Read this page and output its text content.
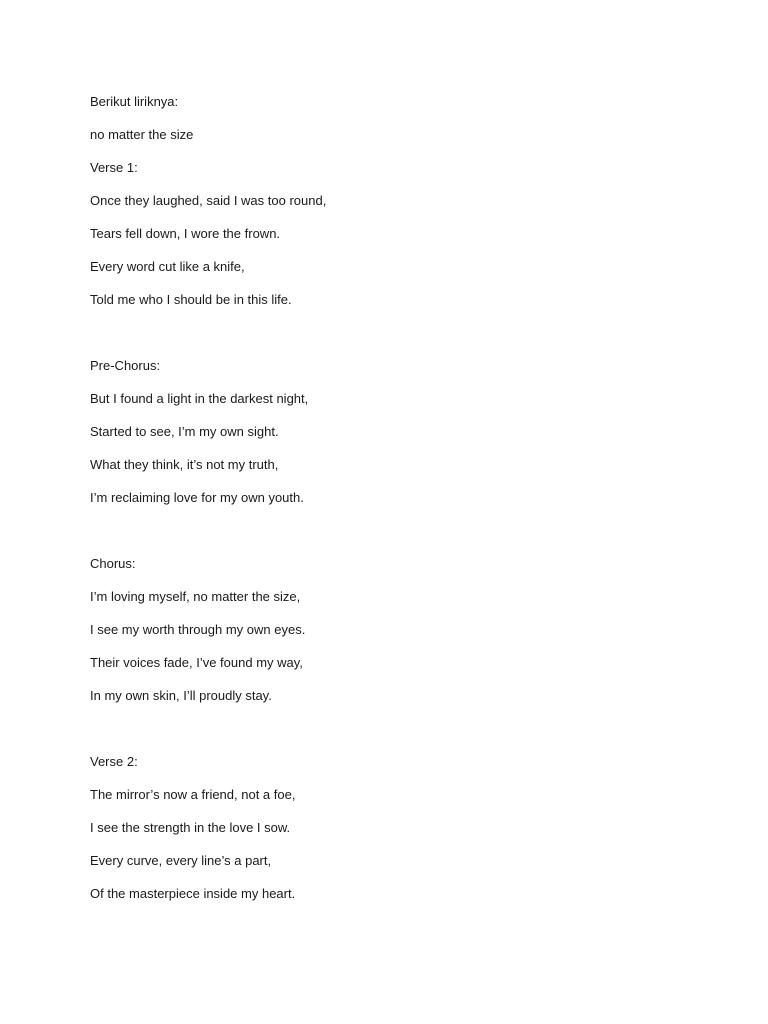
Berikut liriknya:
no matter the size
Verse 1:
Once they laughed, said I was too round,
Tears fell down, I wore the frown.
Every word cut like a knife,
Told me who I should be in this life.
Pre-Chorus:
But I found a light in the darkest night,
Started to see, I’m my own sight.
What they think, it’s not my truth,
I’m reclaiming love for my own youth.
Chorus:
I’m loving myself, no matter the size,
I see my worth through my own eyes.
Their voices fade, I’ve found my way,
In my own skin, I’ll proudly stay.
Verse 2:
The mirror’s now a friend, not a foe,
I see the strength in the love I sow.
Every curve, every line’s a part,
Of the masterpiece inside my heart.
